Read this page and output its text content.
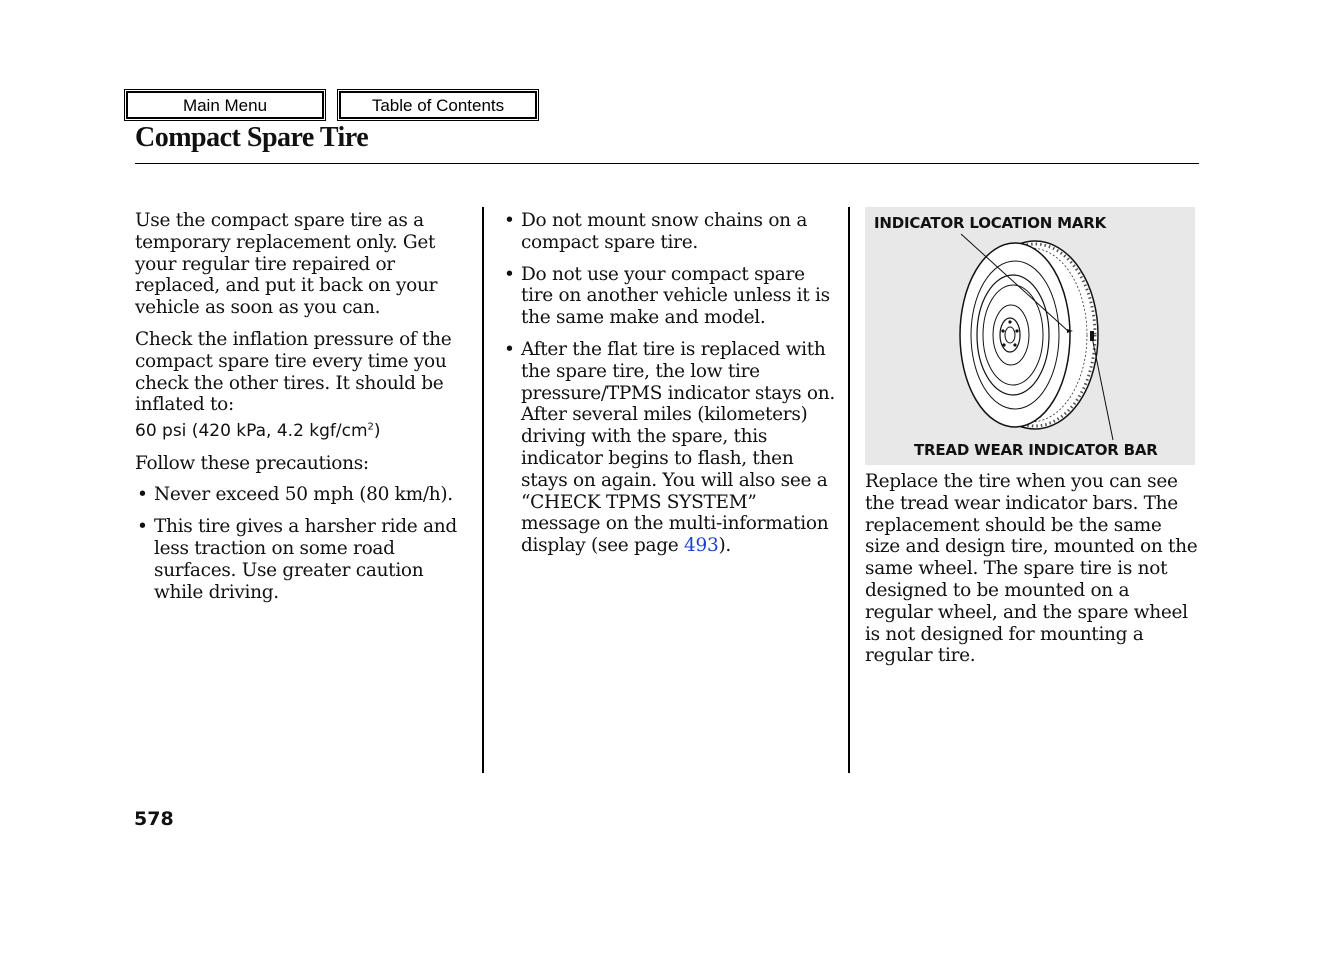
Main Menu	Table of Contents
Compact Spare Tire

Use the compact spare tire as a temporary replacement only. Get your regular tire repaired or replaced, and put it back on your vehicle as soon as you can.

Check the inflation pressure of the compact spare tire every time you check the other tires. It should be inflated to:
60 psi (420 kPa, 4.2 kgf/$cm^2$)

Follow these precautions:

• Never exceed 50 mph (80 km/h).
• This tire gives a harsher ride and less traction on some road surfaces. Use greater caution while driving.
• Do not mount snow chains on a compact spare tire.
• Do not use your compact spare tire on another vehicle unless it is the same make and model.
• After the flat tire is replaced with the spare tire, the low tire pressure/TPMS indicator stays on. After several miles (kilometers) driving with the spare, this indicator begins to flash, then stays on again. You will also see a “CHECK TPMS SYSTEM” message on the multi-information display (see page 493).
INDICATOR LOCATION MARK
TREAD WEAR INDICATOR BAR

Replace the tire when you can see the tread wear indicator bars. The replacement should be the same size and design tire, mounted on the same wheel. The spare tire is not designed to be mounted on a regular wheel, and the spare wheel is not designed for mounting a regular tire.

578
